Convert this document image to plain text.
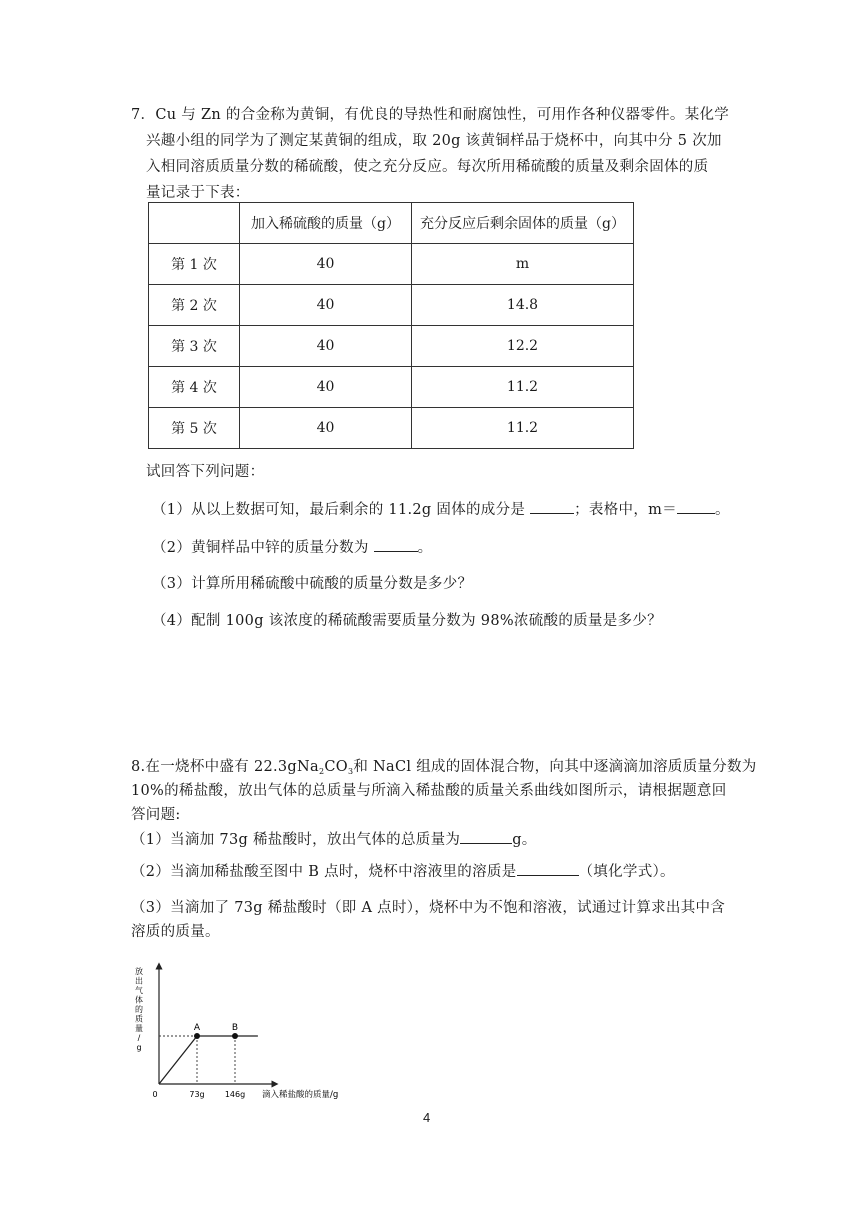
7．Cu 与 Zn 的合金称为黄铜，有优良的导热性和耐腐蚀性，可用作各种仪器零件。某化学
兴趣小组的同学为了测定某黄铜的组成，取 20g 该黄铜样品于烧杯中，向其中分 5 次加
入相同溶质质量分数的稀硫酸，使之充分反应。每次所用稀硫酸的质量及剩余固体的质
量记录于下表：
	加入稀硫酸的质量（g）	充分反应后剩余固体的质量（g）
第 1 次	40	m
第 2 次	40	14.8
第 3 次	40	12.2
第 4 次	40	11.2
第 5 次	40	11.2
试回答下列问题：
（1）从以上数据可知，最后剩余的 11.2g 固体的成分是	；表格中，m＝	。
（2）黄铜样品中锌的质量分数为	。
（3）计算所用稀硫酸中硫酸的质量分数是多少？
（4）配制 100g 该浓度的稀硫酸需要质量分数为 98%浓硫酸的质量是多少？
8.在一烧杯中盛有 $22.3gNa_2CO_3$和 NaCl 组成的固体混合物，向其中逐滴滴加溶质质量分数为
10%的稀盐酸，放出气体的总质量与所滴入稀盐酸的质量关系曲线如图所示，请根据题意回
答问题:
（1）当滴加 73g 稀盐酸时，放出气体的总质量为	g。
（2）当滴加稀盐酸至图中 B 点时，烧杯中溶液里的溶质是	（填化学式）。
（3）当滴加了 73g 稀盐酸时（即 A 点时），烧杯中为不饱和溶液，试通过计算求出其中含
溶质的质量。
放
出
气
体
的
质
量
/
g
0
A	B
73g	146g 滴入稀盐酸的质量/g
4
